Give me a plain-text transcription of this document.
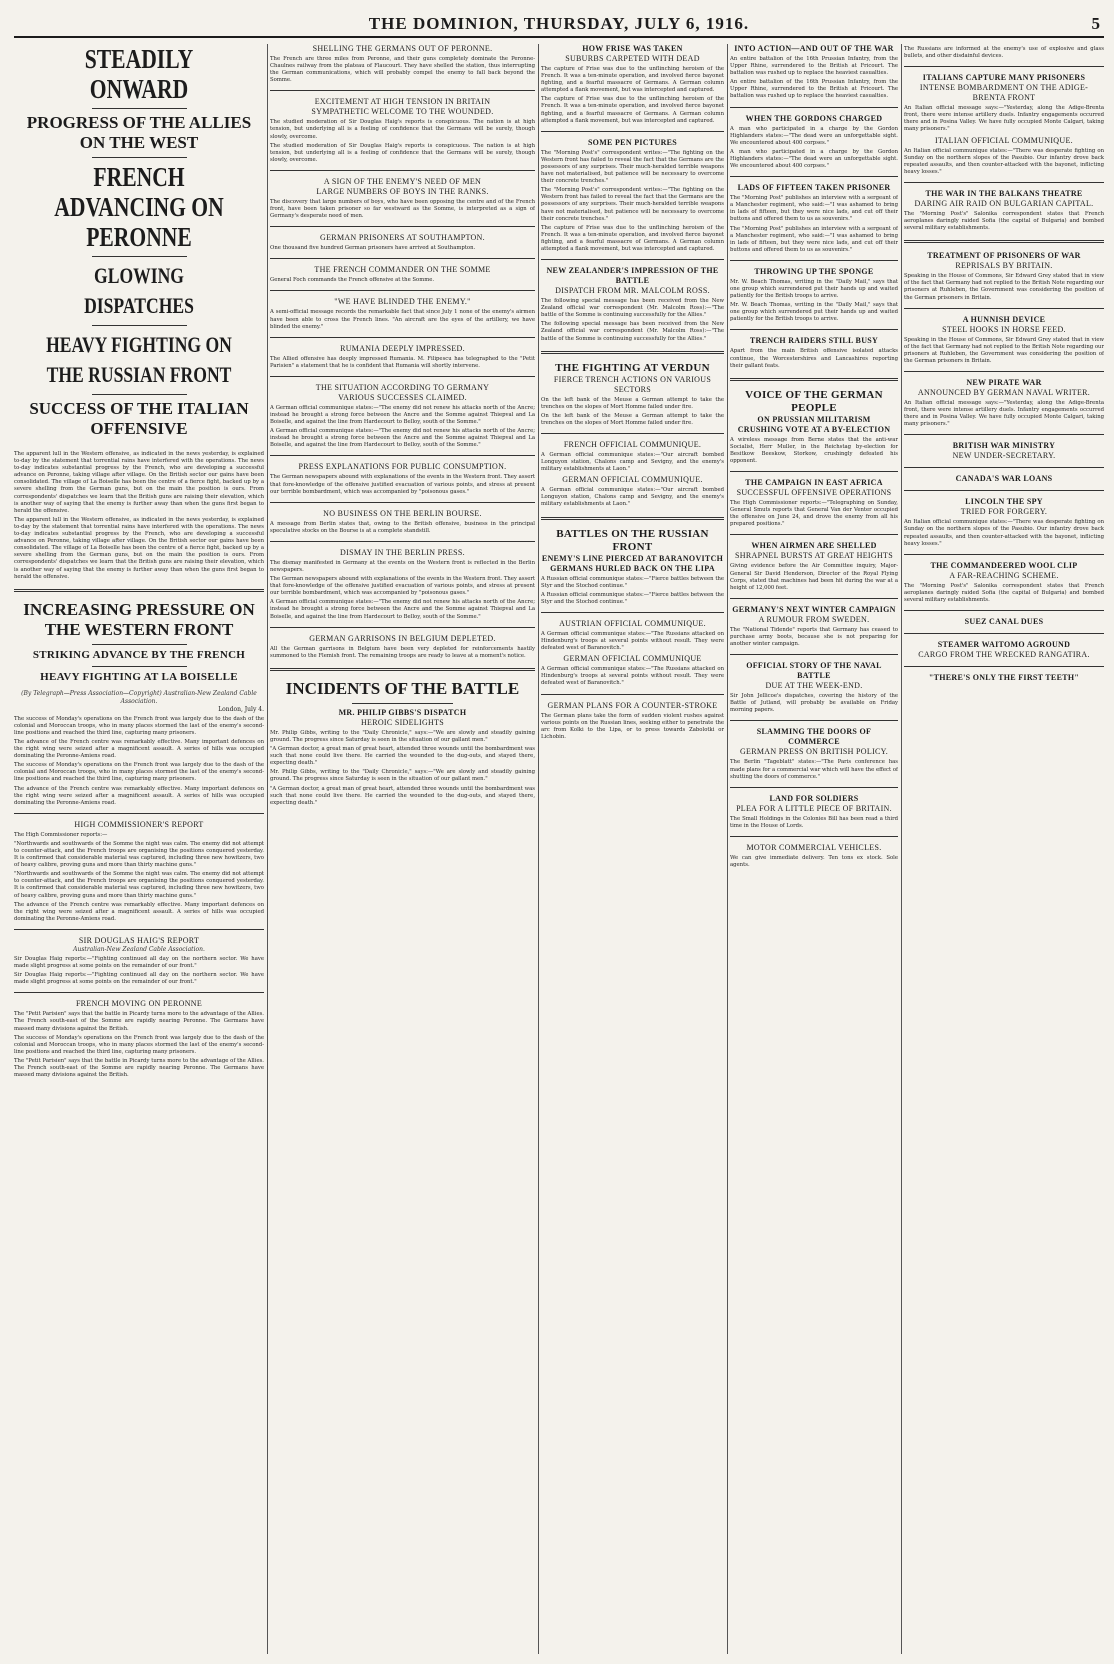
THE DOMINION, THURSDAY, JULY 6, 1916.	5
STEADILY ONWARD
PROGRESS OF THE ALLIES ON THE WEST
FRENCH ADVANCING ON PERONNE
GLOWING DISPATCHES
HEAVY FIGHTING ON THE RUSSIAN FRONT
SUCCESS OF THE ITALIAN OFFENSIVE
The apparent lull in the Western offensive, as indicated in the news yesterday, is explained to-day by the statement that torrential rains have interfered with the operations. The news to-day indicates substantial progress by the French, who are developing a successful advance on Peronne, taking village after village. On the British sector our gains have been consolidated. The village of La Boiselle has been the centre of a fierce fight, backed up by a severe shelling from the German guns, but on the main the position is ours. From correspondents' dispatches we learn that the British guns are raising their elevation, which is another way of saying that the enemy is further away than when the guns first began to herald the offensive.
The apparent lull in the Western offensive, as indicated in the news yesterday, is explained to-day by the statement that torrential rains have interfered with the operations. The news to-day indicates substantial progress by the French, who are developing a successful advance on Peronne, taking village after village. On the British sector our gains have been consolidated. The village of La Boiselle has been the centre of a fierce fight, backed up by a severe shelling from the German guns, but on the main the position is ours. From correspondents' dispatches we learn that the British guns are raising their elevation, which is another way of saying that the enemy is further away than when the guns first began to herald the offensive.
INCREASING PRESSURE ON THE WESTERN FRONT
STRIKING ADVANCE BY THE FRENCH
HEAVY FIGHTING AT LA BOISELLE
(By Telegraph—Press Association—Copyright) Australian-New Zealand Cable Association.
London, July 4.
The success of Monday's operations on the French front was largely due to the dash of the colonial and Moroccan troops, who in many places stormed the last of the enemy's second-line positions and reached the third line, capturing many prisoners.
The advance of the French centre was remarkably effective. Many important defences on the right wing were seized after a magnificent assault. A series of hills was occupied dominating the Peronne-Amiens road.
The success of Monday's operations on the French front was largely due to the dash of the colonial and Moroccan troops, who in many places stormed the last of the enemy's second-line positions and reached the third line, capturing many prisoners.
The advance of the French centre was remarkably effective. Many important defences on the right wing were seized after a magnificent assault. A series of hills was occupied dominating the Peronne-Amiens road.
HIGH COMMISSIONER'S REPORT
The High Commissioner reports:—
"Northwards and southwards of the Somme the night was calm. The enemy did not attempt to counter-attack, and the French troops are organising the positions conquered yesterday. It is confirmed that considerable material was captured, including three new howitzers, two of heavy calibre, proving guns and more than thirty machine guns."
"Northwards and southwards of the Somme the night was calm. The enemy did not attempt to counter-attack, and the French troops are organising the positions conquered yesterday. It is confirmed that considerable material was captured, including three new howitzers, two of heavy calibre, proving guns and more than thirty machine guns."
The advance of the French centre was remarkably effective. Many important defences on the right wing were seized after a magnificent assault. A series of hills was occupied dominating the Peronne-Amiens road.
SIR DOUGLAS HAIG'S REPORT
Australian-New Zealand Cable Association.
Sir Douglas Haig reports:—"Fighting continued all day on the northern sector. We have made slight progress at some points on the remainder of our front."
Sir Douglas Haig reports:—"Fighting continued all day on the northern sector. We have made slight progress at some points on the remainder of our front."
FRENCH MOVING ON PERONNE
The "Petit Parisien" says that the battle in Picardy turns more to the advantage of the Allies. The French south-east of the Somme are rapidly nearing Peronne. The Germans have massed many divisions against the British.
The success of Monday's operations on the French front was largely due to the dash of the colonial and Moroccan troops, who in many places stormed the last of the enemy's second-line positions and reached the third line, capturing many prisoners.
The "Petit Parisien" says that the battle in Picardy turns more to the advantage of the Allies. The French south-east of the Somme are rapidly nearing Peronne. The Germans have massed many divisions against the British.
SHELLING THE GERMANS OUT OF PERONNE.
The French are three miles from Peronne, and their guns completely dominate the Peronne-Chaulnes railway from the plateau of Flaucourt. They have shelled the station, thus interrupting the German communications, which will probably compel the enemy to fall back beyond the Somme.
EXCITEMENT AT HIGH TENSION IN BRITAIN
SYMPATHETIC WELCOME TO THE WOUNDED.
The studied moderation of Sir Douglas Haig's reports is conspicuous. The nation is at high tension, but underlying all is a feeling of confidence that the Germans will be surely, though slowly, overcome.
The studied moderation of Sir Douglas Haig's reports is conspicuous. The nation is at high tension, but underlying all is a feeling of confidence that the Germans will be surely, though slowly, overcome.
A SIGN OF THE ENEMY'S NEED OF MEN
LARGE NUMBERS OF BOYS IN THE RANKS.
The discovery that large numbers of boys, who have been opposing the centre and of the French front, have been taken prisoner so far westward as the Somme, is interpreted as a sign of Germany's desperate need of men.
GERMAN PRISONERS AT SOUTHAMPTON.
One thousand five hundred German prisoners have arrived at Southampton.
THE FRENCH COMMANDER ON THE SOMME
General Foch commands the French offensive at the Somme.
"WE HAVE BLINDED THE ENEMY."
A semi-official message records the remarkable fact that since July 1 none of the enemy's airmen have been able to cross the French lines. "An aircraft are the eyes of the artillery, we have blinded the enemy."
RUMANIA DEEPLY IMPRESSED.
The Allied offensive has deeply impressed Rumania. M. Filipescu has telegraphed to the "Petit Parisien" a statement that he is confident that Rumania will shortly intervene.
THE SITUATION ACCORDING TO GERMANY
VARIOUS SUCCESSES CLAIMED.
A German official communique states:—"The enemy did not renew his attacks north of the Ancre; instead he brought a strong force between the Ancre and the Somme against Thiepval and La Boiselle, and against the line from Hardecourt to Belloy, south of the Somme."
A German official communique states:—"The enemy did not renew his attacks north of the Ancre; instead he brought a strong force between the Ancre and the Somme against Thiepval and La Boiselle, and against the line from Hardecourt to Belloy, south of the Somme."
PRESS EXPLANATIONS FOR PUBLIC CONSUMPTION.
The German newspapers abound with explanations of the events in the Western front. They assert that fore-knowledge of the offensive justified evacuation of various points, and stress at present our terrible bombardment, which was accompanied by "poisonous gases."
NO BUSINESS ON THE BERLIN BOURSE.
A message from Berlin states that, owing to the British offensive, business in the principal speculative stocks on the Bourse is at a complete standstill.
DISMAY IN THE BERLIN PRESS.
The dismay manifested in Germany at the events on the Western front is reflected in the Berlin newspapers.
The German newspapers abound with explanations of the events in the Western front. They assert that fore-knowledge of the offensive justified evacuation of various points, and stress at present our terrible bombardment, which was accompanied by "poisonous gases."
A German official communique states:—"The enemy did not renew his attacks north of the Ancre; instead he brought a strong force between the Ancre and the Somme against Thiepval and La Boiselle, and against the line from Hardecourt to Belloy, south of the Somme."
GERMAN GARRISONS IN BELGIUM DEPLETED.
All the German garrisons in Belgium have been very depleted for reinforcements hastily summoned to the Flemish front. The remaining troops are ready to leave at a moment's notice.
INCIDENTS OF THE BATTLE
MR. PHILIP GIBBS'S DISPATCH
HEROIC SIDELIGHTS
Mr. Philip Gibbs, writing to the "Daily Chronicle," says:—"We are slowly and steadily gaining ground. The progress since Saturday is seen in the situation of our gallant men."
"A German doctor, a great man of great heart, attended three wounds until the bombardment was such that none could live there. He carried the wounded to the dug-outs, and stayed there, expecting death."
Mr. Philip Gibbs, writing to the "Daily Chronicle," says:—"We are slowly and steadily gaining ground. The progress since Saturday is seen in the situation of our gallant men."
"A German doctor, a great man of great heart, attended three wounds until the bombardment was such that none could live there. He carried the wounded to the dug-outs, and stayed there, expecting death."
HOW FRISE WAS TAKEN
SUBURBS CARPETED WITH DEAD
The capture of Frise was due to the unflinching heroism of the French. It was a ten-minute operation, and involved fierce bayonet fighting, and a fearful massacre of Germans. A German column attempted a flank movement, but was intercepted and captured.
The capture of Frise was due to the unflinching heroism of the French. It was a ten-minute operation, and involved fierce bayonet fighting, and a fearful massacre of Germans. A German column attempted a flank movement, but was intercepted and captured.
SOME PEN PICTURES
The "Morning Post's" correspondent writes:—"The fighting on the Western front has failed to reveal the fact that the Germans are the possessors of any surprises. Their much-heralded terrible weapons have not materialised, but patience will be necessary to overcome their concrete trenches."
The "Morning Post's" correspondent writes:—"The fighting on the Western front has failed to reveal the fact that the Germans are the possessors of any surprises. Their much-heralded terrible weapons have not materialised, but patience will be necessary to overcome their concrete trenches."
The capture of Frise was due to the unflinching heroism of the French. It was a ten-minute operation, and involved fierce bayonet fighting, and a fearful massacre of Germans. A German column attempted a flank movement, but was intercepted and captured.
NEW ZEALANDER'S IMPRESSION OF THE BATTLE
DISPATCH FROM MR. MALCOLM ROSS.
The following special message has been received from the New Zealand official war correspondent (Mr. Malcolm Ross):—"The battle of the Somme is continuing successfully for the Allies."
The following special message has been received from the New Zealand official war correspondent (Mr. Malcolm Ross):—"The battle of the Somme is continuing successfully for the Allies."
THE FIGHTING AT VERDUN
FIERCE TRENCH ACTIONS ON VARIOUS SECTORS
On the left bank of the Meuse a German attempt to take the trenches on the slopes of Mort Homme failed under fire.
On the left bank of the Meuse a German attempt to take the trenches on the slopes of Mort Homme failed under fire.
FRENCH OFFICIAL COMMUNIQUE.
A German official communique states:—"Our aircraft bombed Longuyon station, Chalons camp and Sevigny, and the enemy's military establishments at Laon."
GERMAN OFFICIAL COMMUNIQUE.
A German official communique states:—"Our aircraft bombed Longuyon station, Chalons camp and Sevigny, and the enemy's military establishments at Laon."
BATTLES ON THE RUSSIAN FRONT
ENEMY'S LINE PIERCED AT BARANOVITCH
GERMANS HURLED BACK ON THE LIPA
A Russian official communique states:—"Fierce battles between the Styr and the Stochod continue."
A Russian official communique states:—"Fierce battles between the Styr and the Stochod continue."
AUSTRIAN OFFICIAL COMMUNIQUE.
A German official communique states:—"The Russians attacked on Hindenburg's troops at several points without result. They were defeated west of Baranovitch."
GERMAN OFFICIAL COMMUNIQUE
A German official communique states:—"The Russians attacked on Hindenburg's troops at several points without result. They were defeated west of Baranovitch."
GERMAN PLANS FOR A COUNTER-STROKE
The German plans take the form of sudden violent rushes against various points on the Russian lines, seeking either to penetrate the arc from Kolki to the Lipa, or to press towards Zabolotki or Lichobin.
INTO ACTION—AND OUT OF THE WAR
An entire battalion of the 16th Prussian Infantry, from the Upper Rhine, surrendered to the British at Fricourt. The battalion was rushed up to replace the heaviest casualties.
An entire battalion of the 16th Prussian Infantry, from the Upper Rhine, surrendered to the British at Fricourt. The battalion was rushed up to replace the heaviest casualties.
WHEN THE GORDONS CHARGED
A man who participated in a charge by the Gordon Highlanders states:—"The dead were an unforgettable sight. We encountered about 400 corpses."
A man who participated in a charge by the Gordon Highlanders states:—"The dead were an unforgettable sight. We encountered about 400 corpses."
LADS OF FIFTEEN TAKEN PRISONER
The "Morning Post" publishes an interview with a sergeant of a Manchester regiment, who said:—"I was ashamed to bring in lads of fifteen, but they were nice lads, and cut off their buttons and offered them to us as souvenirs."
The "Morning Post" publishes an interview with a sergeant of a Manchester regiment, who said:—"I was ashamed to bring in lads of fifteen, but they were nice lads, and cut off their buttons and offered them to us as souvenirs."
THROWING UP THE SPONGE
Mr. W. Beach Thomas, writing in the "Daily Mail," says that one group which surrendered put their hands up and waited patiently for the British troops to arrive.
Mr. W. Beach Thomas, writing in the "Daily Mail," says that one group which surrendered put their hands up and waited patiently for the British troops to arrive.
TRENCH RAIDERS STILL BUSY
Apart from the main British offensive isolated attacks continue, the Worcestershires and Lancashires reporting their gallant feats.
VOICE OF THE GERMAN PEOPLE
ON PRUSSIAN MILITARISM
CRUSHING VOTE AT A BY-ELECTION
A wireless message from Berne states that the anti-war Socialist, Herr Muller, in the Reichstag by-election for Besitkow Beeskow, Storkow, crushingly defeated his opponent.
THE CAMPAIGN IN EAST AFRICA
SUCCESSFUL OFFENSIVE OPERATIONS
The High Commissioner reports:—"Telegraphing on Sunday, General Smuts reports that General Van der Venter occupied the offensive on June 24, and drove the enemy from all his prepared positions."
WHEN AIRMEN ARE SHELLED
SHRAPNEL BURSTS AT GREAT HEIGHTS
Giving evidence before the Air Committee inquiry, Major-General Sir David Henderson, Director of the Royal Flying Corps, stated that machines had been hit during the war at a height of 12,000 feet.
GERMANY'S NEXT WINTER CAMPAIGN
A RUMOUR FROM SWEDEN.
The "National Tidende" reports that Germany has ceased to purchase army boots, because she is not preparing for another winter campaign.
OFFICIAL STORY OF THE NAVAL BATTLE
DUE AT THE WEEK-END.
Sir John Jellicoe's dispatches, covering the history of the Battle of Jutland, will probably be available on Friday morning papers.
SLAMMING THE DOORS OF COMMERCE
GERMAN PRESS ON BRITISH POLICY.
The Berlin "Tageblatt" states:—"The Paris conference has made plans for a commercial war which will have the effect of shutting the doors of commerce."
LAND FOR SOLDIERS
PLEA FOR A LITTLE PIECE OF BRITAIN.
The Small Holdings in the Colonies Bill has been read a third time in the House of Lords.
MOTOR COMMERCIAL VEHICLES.
We can give immediate delivery. Ten tons ex stock. Sole agents.
The Russians are informed at the enemy's use of explosive and glass bullets, and other disdainful devices.
ITALIANS CAPTURE MANY PRISONERS
INTENSE BOMBARDMENT ON THE ADIGE-BRENTA FRONT
An Italian official message says:—"Yesterday, along the Adige-Brenta front, there were intense artillery duels. Infantry engagements occurred there and in Posina Valley. We have fully occupied Monte Calgari, taking many prisoners."
ITALIAN OFFICIAL COMMUNIQUE.
An Italian official communique states:—"There was desperate fighting on Sunday on the northern slopes of the Pasubio. Our infantry drove back repeated assaults, and then counter-attacked with the bayonet, inflicting heavy losses."
THE WAR IN THE BALKANS THEATRE
DARING AIR RAID ON BULGARIAN CAPITAL.
The "Morning Post's" Salonika correspondent states that French aeroplanes daringly raided Sofia (the capital of Bulgaria) and bombed several military establishments.
TREATMENT OF PRISONERS OF WAR
REPRISALS BY BRITAIN.
Speaking in the House of Commons, Sir Edward Grey stated that in view of the fact that Germany had not replied to the British Note regarding our prisoners at Ruhleben, the Government was considering the position of the German prisoners in Britain.
A HUNNISH DEVICE
STEEL HOOKS IN HORSE FEED.
Speaking in the House of Commons, Sir Edward Grey stated that in view of the fact that Germany had not replied to the British Note regarding our prisoners at Ruhleben, the Government was considering the position of the German prisoners in Britain.
NEW PIRATE WAR
ANNOUNCED BY GERMAN NAVAL WRITER.
An Italian official message says:—"Yesterday, along the Adige-Brenta front, there were intense artillery duels. Infantry engagements occurred there and in Posina Valley. We have fully occupied Monte Calgari, taking many prisoners."
BRITISH WAR MINISTRY
NEW UNDER-SECRETARY.
CANADA'S WAR LOANS
LINCOLN THE SPY
TRIED FOR FORGERY.
An Italian official communique states:—"There was desperate fighting on Sunday on the northern slopes of the Pasubio. Our infantry drove back repeated assaults, and then counter-attacked with the bayonet, inflicting heavy losses."
THE COMMANDEERED WOOL CLIP
A FAR-REACHING SCHEME.
The "Morning Post's" Salonika correspondent states that French aeroplanes daringly raided Sofia (the capital of Bulgaria) and bombed several military establishments.
SUEZ CANAL DUES
STEAMER WAITOMO AGROUND
CARGO FROM THE WRECKED RANGATIRA.
"THERE'S ONLY THE FIRST TEETH"
